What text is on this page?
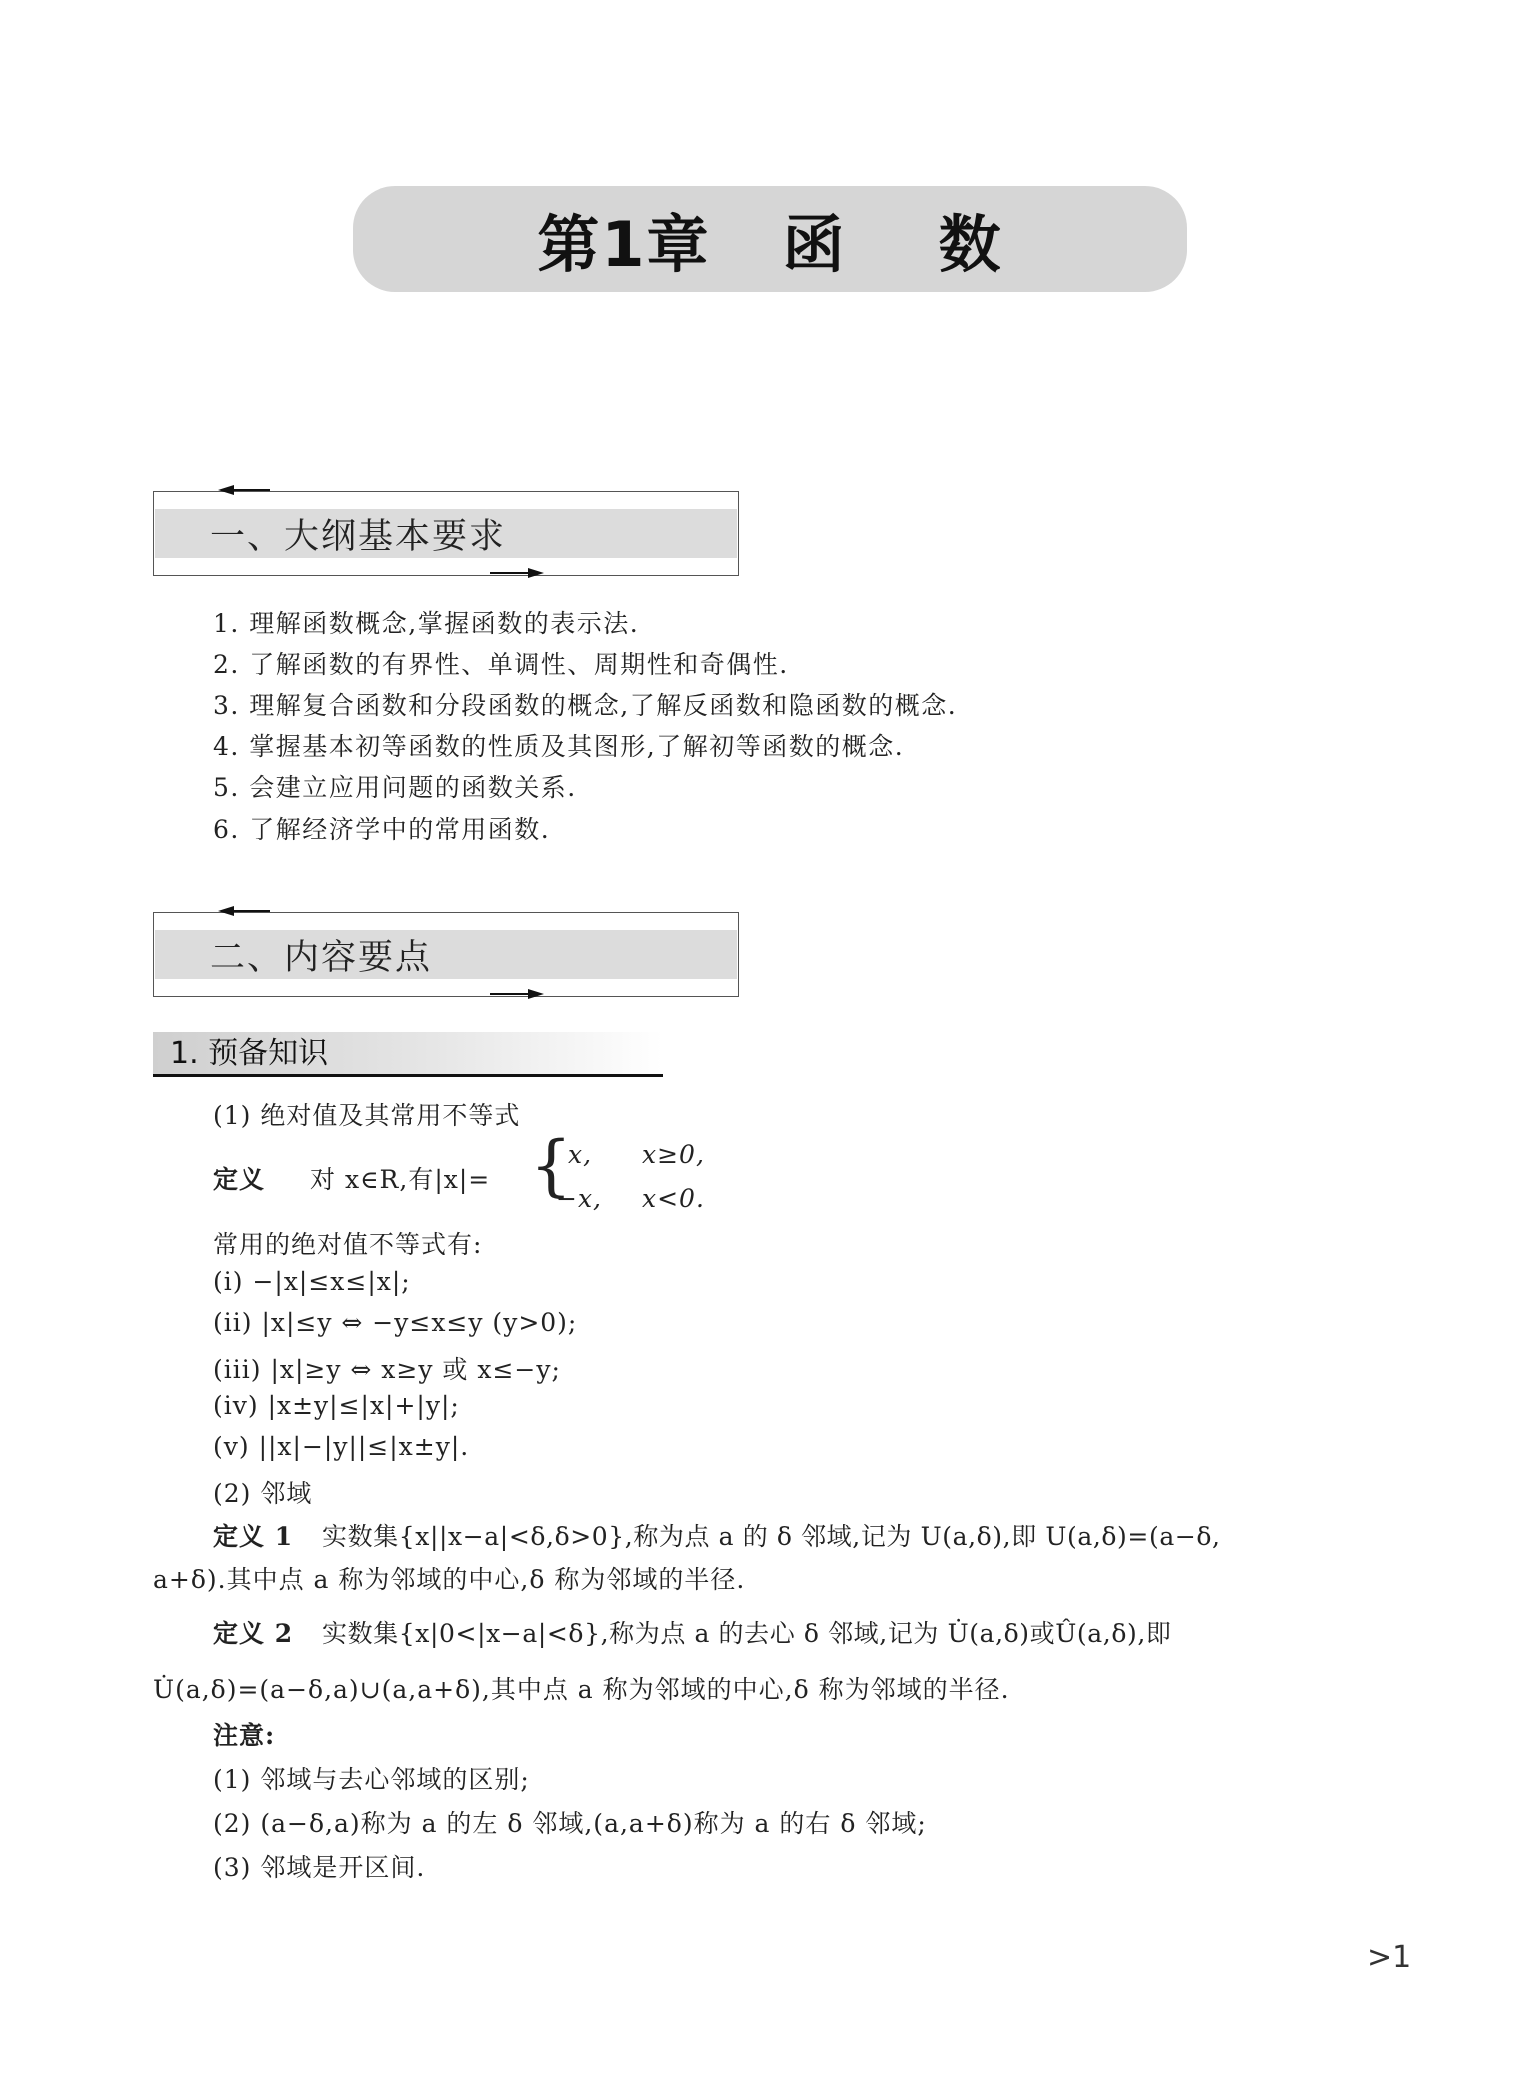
第1章 函 数
一、大纲基本要求
1. 理解函数概念,掌握函数的表示法.
2. 了解函数的有界性、单调性、周期性和奇偶性.
3. 理解复合函数和分段函数的概念,了解反函数和隐函数的概念.
4. 掌握基本初等函数的性质及其图形,了解初等函数的概念.
5. 会建立应用问题的函数关系.
6. 了解经济学中的常用函数.
二、内容要点
1. 预备知识
(1) 绝对值及其常用不等式
定义 对 x∈R,有|x|= {
x, x≥0,
−x, x<0.
常用的绝对值不等式有:
(i) −|x|≤x≤|x|;
(ii) |x|≤y ⇔ −y≤x≤y (y>0);
(iii) |x|≥y ⇔ x≥y 或 x≤−y;
(iv) |x±y|≤|x|+|y|;
(v) ||x|−|y||≤|x±y|.
(2) 邻域
定义 1 实数集{x||x−a|<δ,δ>0},称为点 a 的 δ 邻域,记为 U(a,δ),即 U(a,δ)=(a−δ,
a+δ).其中点 a 称为邻域的中心,δ 称为邻域的半径.
定义 2 实数集{x|0<|x−a|<δ},称为点 a 的去心 δ 邻域,记为 U̇(a,δ)或Û(a,δ),即
U̇(a,δ)=(a−δ,a)∪(a,a+δ),其中点 a 称为邻域的中心,δ 称为邻域的半径.
注意:
(1) 邻域与去心邻域的区别;
(2) (a−δ,a)称为 a 的左 δ 邻域,(a,a+δ)称为 a 的右 δ 邻域;
(3) 邻域是开区间.
>1
